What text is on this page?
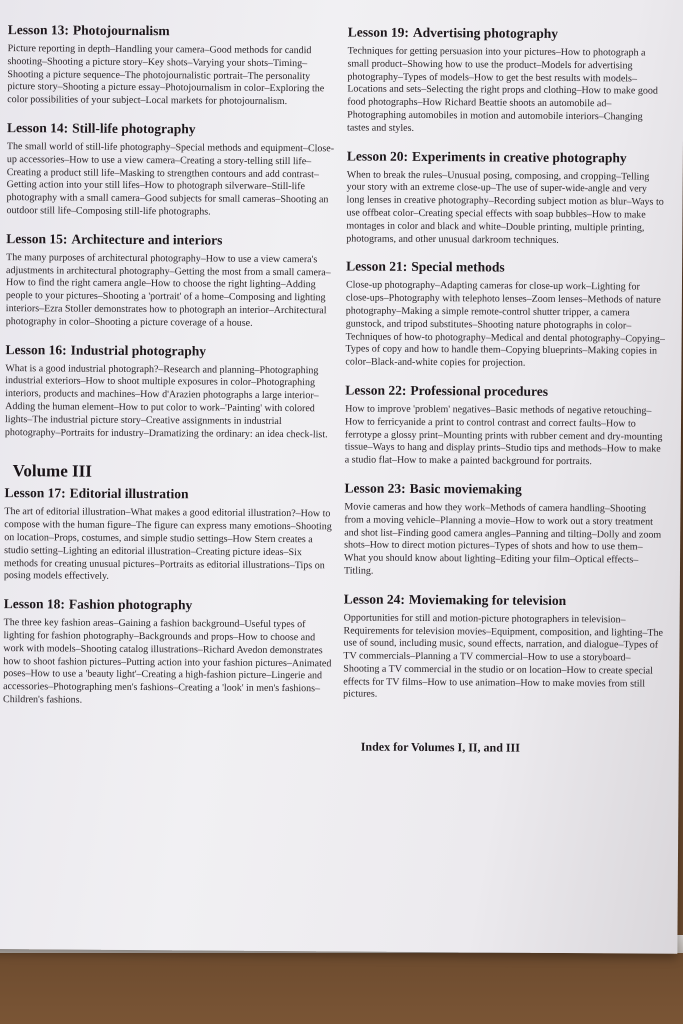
Lesson 13: Photojournalism

Picture reporting in depth–Handling your camera–Good methods for candid shooting–Shooting a picture story–Key shots–Varying your shots–Timing–Shooting a picture sequence–The photojournalistic portrait–The personality picture story–Shooting a picture essay–Photojournalism in color–Exploring the color possibilities of your subject–Local markets for photojournalism.

Lesson 14: Still-life photography

The small world of still-life photography–Special methods and equipment–Close-up accessories–How to use a view camera–Creating a story-telling still life–Creating a product still life–Masking to strengthen contours and add contrast–Getting action into your still lifes–How to photograph silverware–Still-life photography with a small camera–Good subjects for small cameras–Shooting an outdoor still life–Composing still-life photographs.

Lesson 15: Architecture and interiors

The many purposes of architectural photography–How to use a view camera's adjustments in architectural photography–Getting the most from a small camera–How to find the right camera angle–How to choose the right lighting–Adding people to your pictures–Shooting a 'portrait' of a home–Composing and lighting interiors–Ezra Stoller demonstrates how to photograph an interior–Architectural photography in color–Shooting a picture coverage of a house.

Lesson 16: Industrial photography

What is a good industrial photograph?–Research and planning–Photographing industrial exteriors–How to shoot multiple exposures in color–Photographing interiors, products and machines–How d'Arazien photographs a large interior–Adding the human element–How to put color to work–'Painting' with colored lights–The industrial picture story–Creative assignments in industrial photography–Portraits for industry–Dramatizing the ordinary: an idea check-list.

Volume III
Lesson 17: Editorial illustration

The art of editorial illustration–What makes a good editorial illustration?–How to compose with the human figure–The figure can express many emotions–Shooting on location–Props, costumes, and simple studio settings–How Stern creates a studio setting–Lighting an editorial illustration–Creating picture ideas–Six methods for creating unusual pictures–Portraits as editorial illustrations–Tips on posing models effectively.

Lesson 18: Fashion photography

The three key fashion areas–Gaining a fashion background–Useful types of lighting for fashion photography–Backgrounds and props–How to choose and work with models–Shooting catalog illustrations–Richard Avedon demonstrates how to shoot fashion pictures–Putting action into your fashion pictures–Animated poses–How to use a 'beauty light'–Creating a high-fashion picture–Lingerie and accessories–Photographing men's fashions–Creating a 'look' in men's fashions–Children's fashions.

Lesson 19: Advertising photography

Techniques for getting persuasion into your pictures–How to photograph a small product–Showing how to use the product–Models for advertising photography–Types of models–How to get the best results with models–Locations and sets–Selecting the right props and clothing–How to make good food photographs–How Richard Beattie shoots an automobile ad–Photographing automobiles in motion and automobile interiors–Changing tastes and styles.

Lesson 20: Experiments in creative photography

When to break the rules–Unusual posing, composing, and cropping–Telling your story with an extreme close-up–The use of super-wide-angle and very long lenses in creative photography–Recording subject motion as blur–Ways to use offbeat color–Creating special effects with soap bubbles–How to make montages in color and black and white–Double printing, multiple printing, photograms, and other unusual darkroom techniques.

Lesson 21: Special methods

Close-up photography–Adapting cameras for close-up work–Lighting for close-ups–Photography with telephoto lenses–Zoom lenses–Methods of nature photography–Making a simple remote-control shutter tripper, a camera gunstock, and tripod substitutes–Shooting nature photographs in color–Techniques of how-to photography–Medical and dental photography–Copying–Types of copy and how to handle them–Copying blueprints–Making copies in color–Black-and-white copies for projection.

Lesson 22: Professional procedures

How to improve 'problem' negatives–Basic methods of negative retouching–How to ferricyanide a print to control contrast and correct faults–How to ferrotype a glossy print–Mounting prints with rubber cement and dry-mounting tissue–Ways to hang and display prints–Studio tips and methods–How to make a studio flat–How to make a painted background for portraits.

Lesson 23: Basic moviemaking

Movie cameras and how they work–Methods of camera handling–Shooting from a moving vehicle–Planning a movie–How to work out a story treatment and shot list–Finding good camera angles–Panning and tilting–Dolly and zoom shots–How to direct motion pictures–Types of shots and how to use them–What you should know about lighting–Editing your film–Optical effects–Titling.

Lesson 24: Moviemaking for television

Opportunities for still and motion-picture photographers in television–Requirements for television movies–Equipment, composition, and lighting–The use of sound, including music, sound effects, narration, and dialogue–Types of TV commercials–Planning a TV commercial–How to use a storyboard–Shooting a TV commercial in the studio or on location–How to create special effects for TV films–How to use animation–How to make movies from still pictures.

Index for Volumes I, II, and III
